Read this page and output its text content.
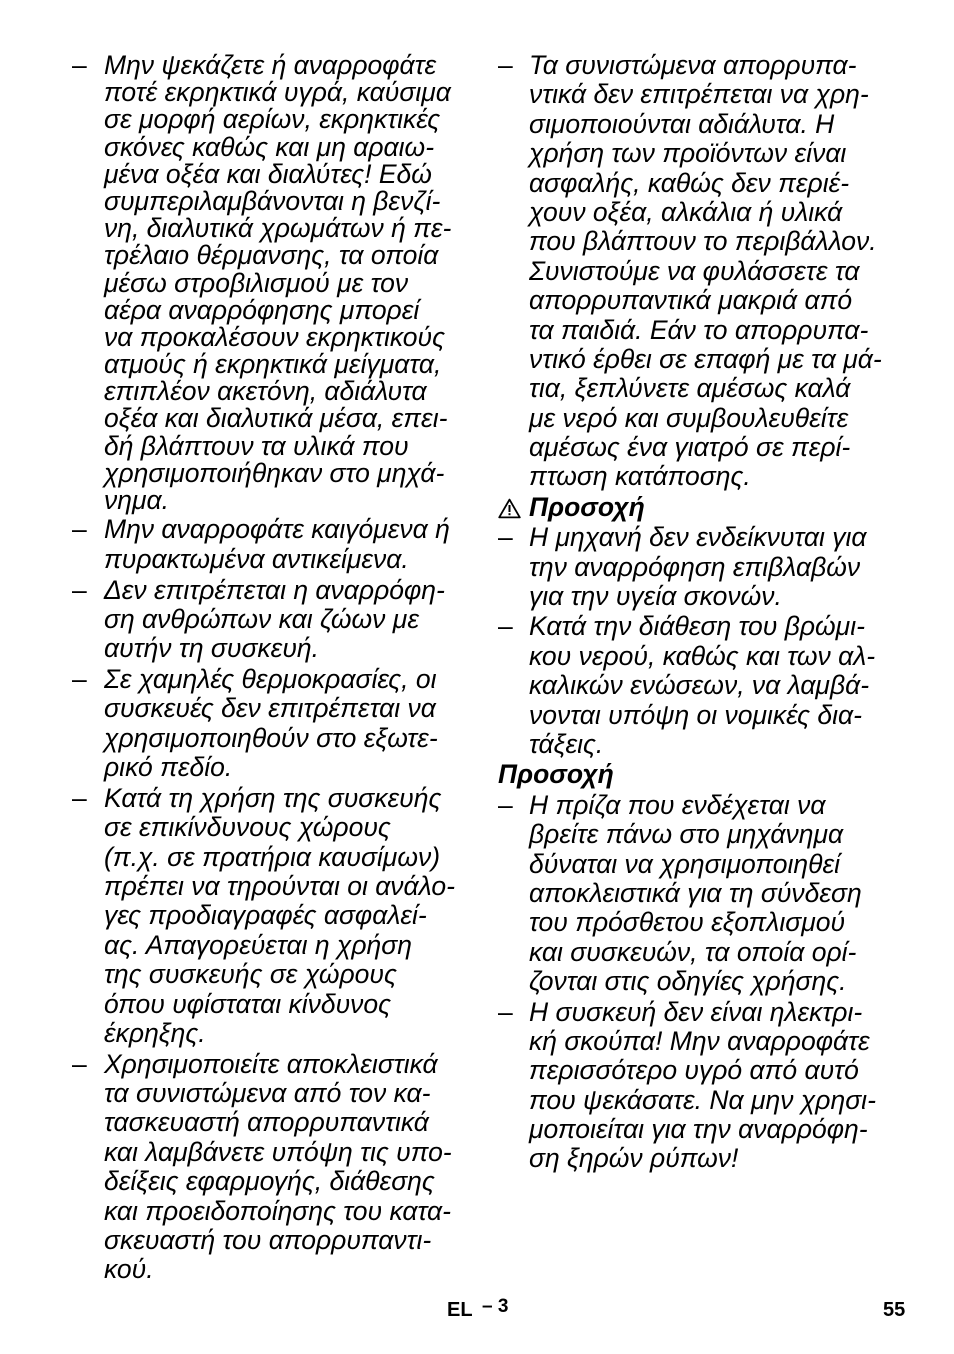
– Μην ψεκάζετε ή αναρροφάτε
ποτέ εκρηκτικά υγρά, καύσιμα
σε μορφή αερίων, εκρηκτικές
σκόνες καθώς και μη αραιω-
μένα οξέα και διαλύτες! Εδώ
συμπεριλαμβάνονται η βενζί-
νη, διαλυτικά χρωμάτων ή πε-
τρέλαιο θέρμανσης, τα οποία
μέσω στροβιλισμού με τον
αέρα αναρρόφησης μπορεί
να προκαλέσουν εκρηκτικούς
ατμούς ή εκρηκτικά μείγματα,
επιπλέον ακετόνη, αδιάλυτα
οξέα και διαλυτικά μέσα, επει-
δή βλάπτουν τα υλικά που
χρησιμοποιήθηκαν στο μηχά-
νημα.
– Μην αναρροφάτε καιγόμενα ή
πυρακτωμένα αντικείμενα.
– Δεν επιτρέπεται η αναρρόφη-
ση ανθρώπων και ζώων με
αυτήν τη συσκευή.
– Σε χαμηλές θερμοκρασίες, οι
συσκευές δεν επιτρέπεται να
χρησιμοποιηθούν στο εξωτε-
ρικό πεδίο.
– Κατά τη χρήση της συσκευής
σε επικίνδυνους χώρους
(π.χ. σε πρατήρια καυσίμων)
πρέπει να τηρούνται οι ανάλο-
γες προδιαγραφές ασφαλεί-
ας. Απαγορεύεται η χρήση
της συσκευής σε χώρους
όπου υφίσταται κίνδυνος
έκρηξης.
– Χρησιμοποιείτε αποκλειστικά
τα συνιστώμενα από τον κα-
τασκευαστή απορρυπαντικά
και λαμβάνετε υπόψη τις υπο-
δείξεις εφαρμογής, διάθεσης
και προειδοποίησης του κατα-
σκευαστή του απορρυπαντι-
κού.
– Τα συνιστώμενα απορρυπα-
ντικά δεν επιτρέπεται να χρη-
σιμοποιούνται αδιάλυτα. Η
χρήση των προϊόντων είναι
ασφαλής, καθώς δεν περιέ-
χουν οξέα, αλκάλια ή υλικά
που βλάπτουν το περιβάλλον.
Συνιστούμε να φυλάσσετε τα
απορρυπαντικά μακριά από
τα παιδιά. Εάν το απορρυπα-
ντικό έρθει σε επαφή με τα μά-
τια, ξεπλύνετε αμέσως καλά
με νερό και συμβουλευθείτε
αμέσως ένα γιατρό σε περί-
πτωση κατάποσης.
Προσοχή
– Η μηχανή δεν ενδείκνυται για
την αναρρόφηση επιβλαβών
για την υγεία σκονών.
– Κατά την διάθεση του βρώμι-
κου νερού, καθώς και των αλ-
καλικών ενώσεων, να λαμβά-
νονται υπόψη οι νομικές δια-
τάξεις.
Προσοχή
– Η πρίζα που ενδέχεται να
βρείτε πάνω στο μηχάνημα
δύναται να χρησιμοποιηθεί
αποκλειστικά για τη σύνδεση
του πρόσθετου εξοπλισμού
και συσκευών, τα οποία ορί-
ζονται στις οδηγίες χρήσης.
– Η συσκευή δεν είναι ηλεκτρι-
κή σκούπα! Μην αναρροφάτε
περισσότερο υγρό από αυτό
που ψεκάσατε. Να μην χρησι-
μοποιείται για την αναρρόφη-
ση ξηρών ρύπων!
EL – 3	55
